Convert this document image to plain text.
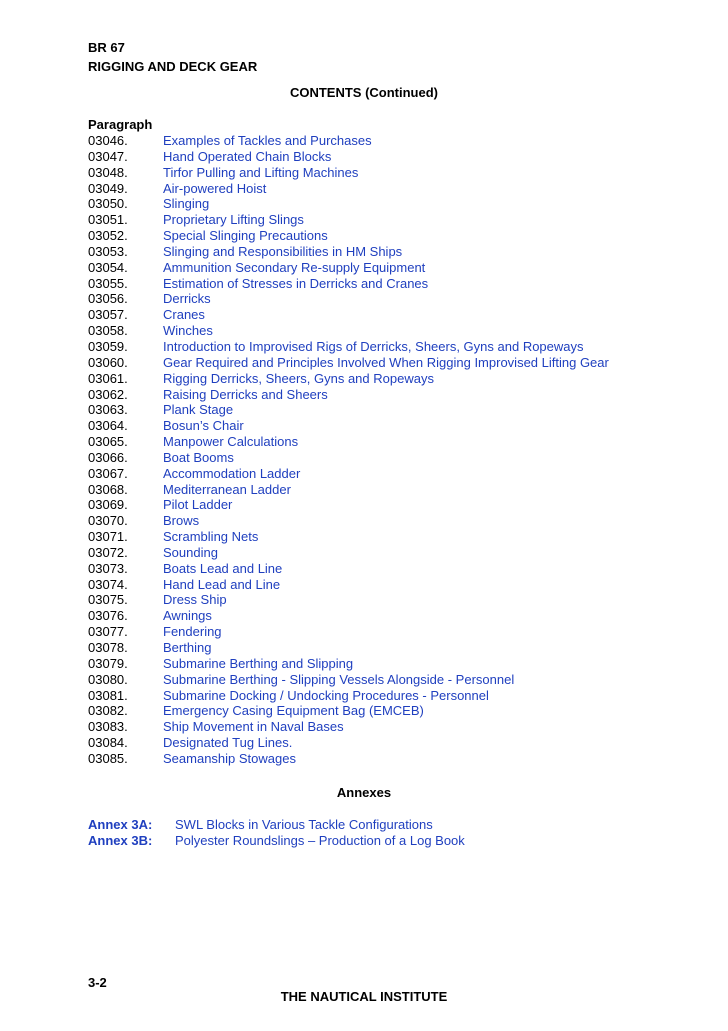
BR 67
RIGGING AND DECK GEAR
CONTENTS (Continued)
Paragraph
03046.	Examples of Tackles and Purchases
03047.	Hand Operated Chain Blocks
03048.	Tirfor Pulling and Lifting Machines
03049.	Air-powered Hoist
03050.	Slinging
03051.	Proprietary Lifting Slings
03052.	Special Slinging Precautions
03053.	Slinging and Responsibilities in HM Ships
03054.	Ammunition Secondary Re-supply Equipment
03055.	Estimation of Stresses in Derricks and Cranes
03056.	Derricks
03057.	Cranes
03058.	Winches
03059.	Introduction to Improvised Rigs of Derricks, Sheers, Gyns and Ropeways
03060.	Gear Required and Principles Involved When Rigging Improvised Lifting Gear
03061.	Rigging Derricks, Sheers, Gyns and Ropeways
03062.	Raising Derricks and Sheers
03063.	Plank Stage
03064.	Bosun’s Chair
03065.	Manpower Calculations
03066.	Boat Booms
03067.	Accommodation Ladder
03068.	Mediterranean Ladder
03069.	Pilot Ladder
03070.	Brows
03071.	Scrambling Nets
03072.	Sounding
03073.	Boats Lead and Line
03074.	Hand Lead and Line
03075.	Dress Ship
03076.	Awnings
03077.	Fendering
03078.	Berthing
03079.	Submarine Berthing and Slipping
03080.	Submarine Berthing - Slipping Vessels Alongside - Personnel
03081.	Submarine Docking / Undocking Procedures - Personnel
03082.	Emergency Casing Equipment Bag (EMCEB)
03083.	Ship Movement in Naval Bases
03084.	Designated Tug Lines.
03085.	Seamanship Stowages
Annexes
Annex 3A: SWL Blocks in Various Tackle Configurations
Annex 3B: Polyester Roundslings – Production of a Log Book
3-2
THE NAUTICAL INSTITUTE
